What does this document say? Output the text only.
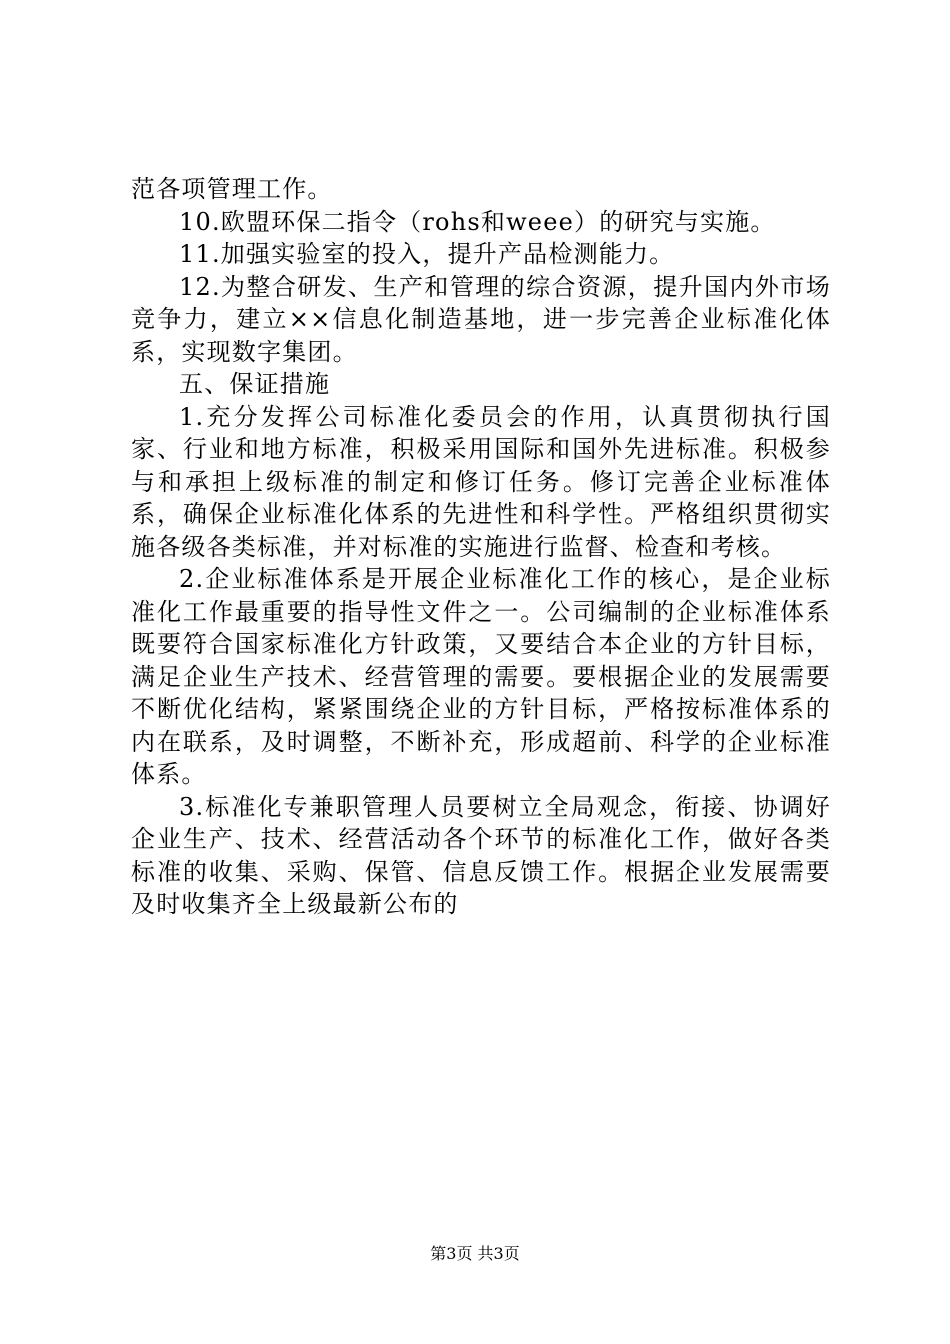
范各项管理工作。

10.欧盟环保二指令（rohs和weee）的研究与实施。

11.加强实验室的投入，提升产品检测能力。

12.为整合研发、生产和管理的综合资源，提升国内外市场竞争力，建立××信息化制造基地，进一步完善企业标准化体系，实现数字集团。

五、保证措施

1.充分发挥公司标准化委员会的作用，认真贯彻执行国家、行业和地方标准，积极采用国际和国外先进标准。积极参与和承担上级标准的制定和修订任务。修订完善企业标准体系，确保企业标准化体系的先进性和科学性。严格组织贯彻实施各级各类标准，并对标准的实施进行监督、检查和考核。

2.企业标准体系是开展企业标准化工作的核心，是企业标准化工作最重要的指导性文件之一。公司编制的企业标准体系既要符合国家标准化方针政策，又要结合本企业的方针目标，满足企业生产技术、经营管理的需要。要根据企业的发展需要不断优化结构，紧紧围绕企业的方针目标，严格按标准体系的内在联系，及时调整，不断补充，形成超前、科学的企业标准体系。

3.标准化专兼职管理人员要树立全局观念，衔接、协调好企业生产、技术、经营活动各个环节的标准化工作，做好各类标准的收集、采购、保管、信息反馈工作。根据企业发展需要及时收集齐全上级最新公布的

第3页 共3页
